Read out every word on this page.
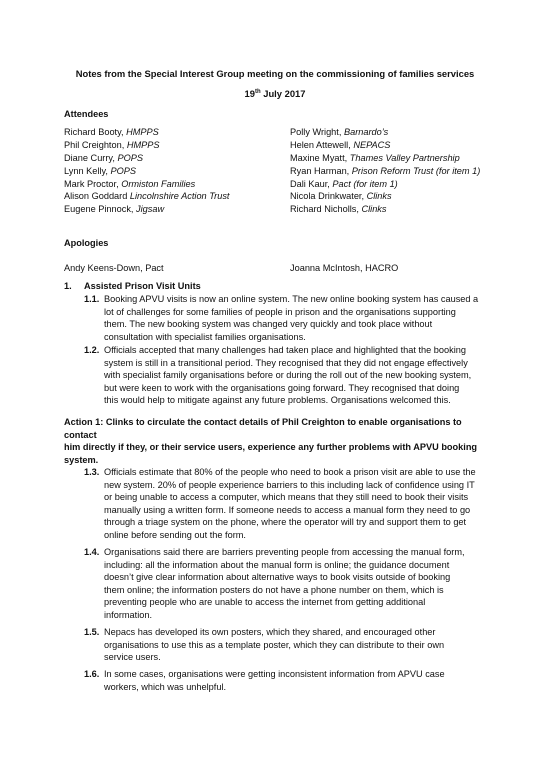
Notes from the Special Interest Group meeting on the commissioning of families services
19th July 2017
Attendees
Richard Booty, HMPPS	Polly Wright, Barnardo’s
Phil Creighton, HMPPS	Helen Attewell, NEPACS
Diane Curry, POPS	Maxine Myatt, Thames Valley Partnership
Lynn Kelly, POPS	Ryan Harman, Prison Reform Trust (for item 1)
Mark Proctor, Ormiston Families	Dali Kaur, Pact (for item 1)
Alison Goddard Lincolnshire Action Trust	Nicola Drinkwater, Clinks
Eugene Pinnock, Jigsaw	Richard Nicholls, Clinks
Apologies
Andy Keens-Down, Pact	Joanna McIntosh, HACRO
1.	Assisted Prison Visit Units
1.1. Booking APVU visits is now an online system. The new online booking system has caused a
lot of challenges for some families of people in prison and the organisations supporting
them. The new booking system was changed very quickly and took place without
consultation with specialist families organisations.
1.2. Officials accepted that many challenges had taken place and highlighted that the booking
system is still in a transitional period. They recognised that they did not engage effectively
with specialist family organisations before or during the roll out of the new booking system,
but were keen to work with the organisations going forward. They recognised that doing
this would help to mitigate against any future problems. Organisations welcomed this.
Action 1: Clinks to circulate the contact details of Phil Creighton to enable organisations to contact
him directly if they, or their service users, experience any further problems with APVU booking
system.
1.3. Officials estimate that 80% of the people who need to book a prison visit are able to use the
new system. 20% of people experience barriers to this including lack of confidence using IT
or being unable to access a computer, which means that they still need to book their visits
manually using a written form. If someone needs to access a manual form they need to go
through a triage system on the phone, where the operator will try and support them to get
online before sending out the form.
1.4. Organisations said there are barriers preventing people from accessing the manual form,
including: all the information about the manual form is online; the guidance document
doesn’t give clear information about alternative ways to book visits outside of booking
them online; the information posters do not have a phone number on them, which is
preventing people who are unable to access the internet from getting additional
information.
1.5. Nepacs has developed its own posters, which they shared, and encouraged other
organisations to use this as a template poster, which they can distribute to their own
service users.
1.6. In some cases, organisations were getting inconsistent information from APVU case
workers, which was unhelpful.
